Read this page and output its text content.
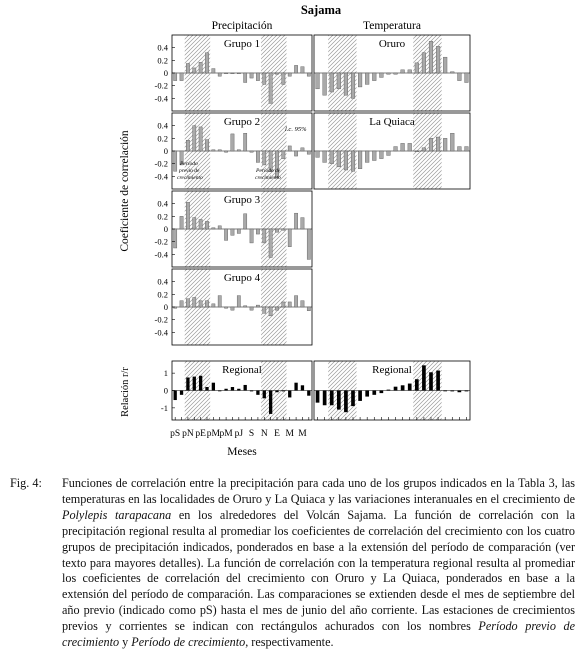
Sajama
Precipitación	Temperatura
Grupo 1
0.4
0.2
0
-0.2
-0.4
Grupo 2
0.4
0.2
0
-0.2
-0.4
Grupo 3
0.4
0.2
0
-0.2
-0.4
Grupo 4
0.4
0.2
0
-0.2
-0.4
Oruro
La Quiaca
Regional
1
0
-1
Regional
Período
previo de
crecimiento
Período de
crecimiento
l.c. 95%
pS pN pE pM pM pJ S N E M M
Meses
Coeficiente de correlación
Relación r/r
Fig. 4: Funciones de correlación entre la precipitación para cada uno de los grupos indicados en la Tabla 3, las temperaturas en las localidades de Oruro y La Quiaca y las variaciones interanuales en el crecimiento de Polylepis tarapacana en los alrededores del Volcán Sajama. La función de correlación con la precipitación regional resulta al promediar los coeficientes de correlación del crecimiento con los cuatro grupos de precipitación indicados, ponderados en base a la extensión del período de comparación (ver texto para mayores detalles). La función de correlación con la temperatura regional resulta al promediar los coeficientes de correlación del crecimiento con Oruro y La Quiaca, ponderados en base a la extensión del período de comparación. Las comparaciones se extienden desde el mes de septiembre del año previo (indicado como pS) hasta el mes de junio del año corriente. Las estaciones de crecimientos previos y corrientes se indican con rectángulos achurados con los nombres Período previo de crecimiento y Período de crecimiento, respectivamente.
